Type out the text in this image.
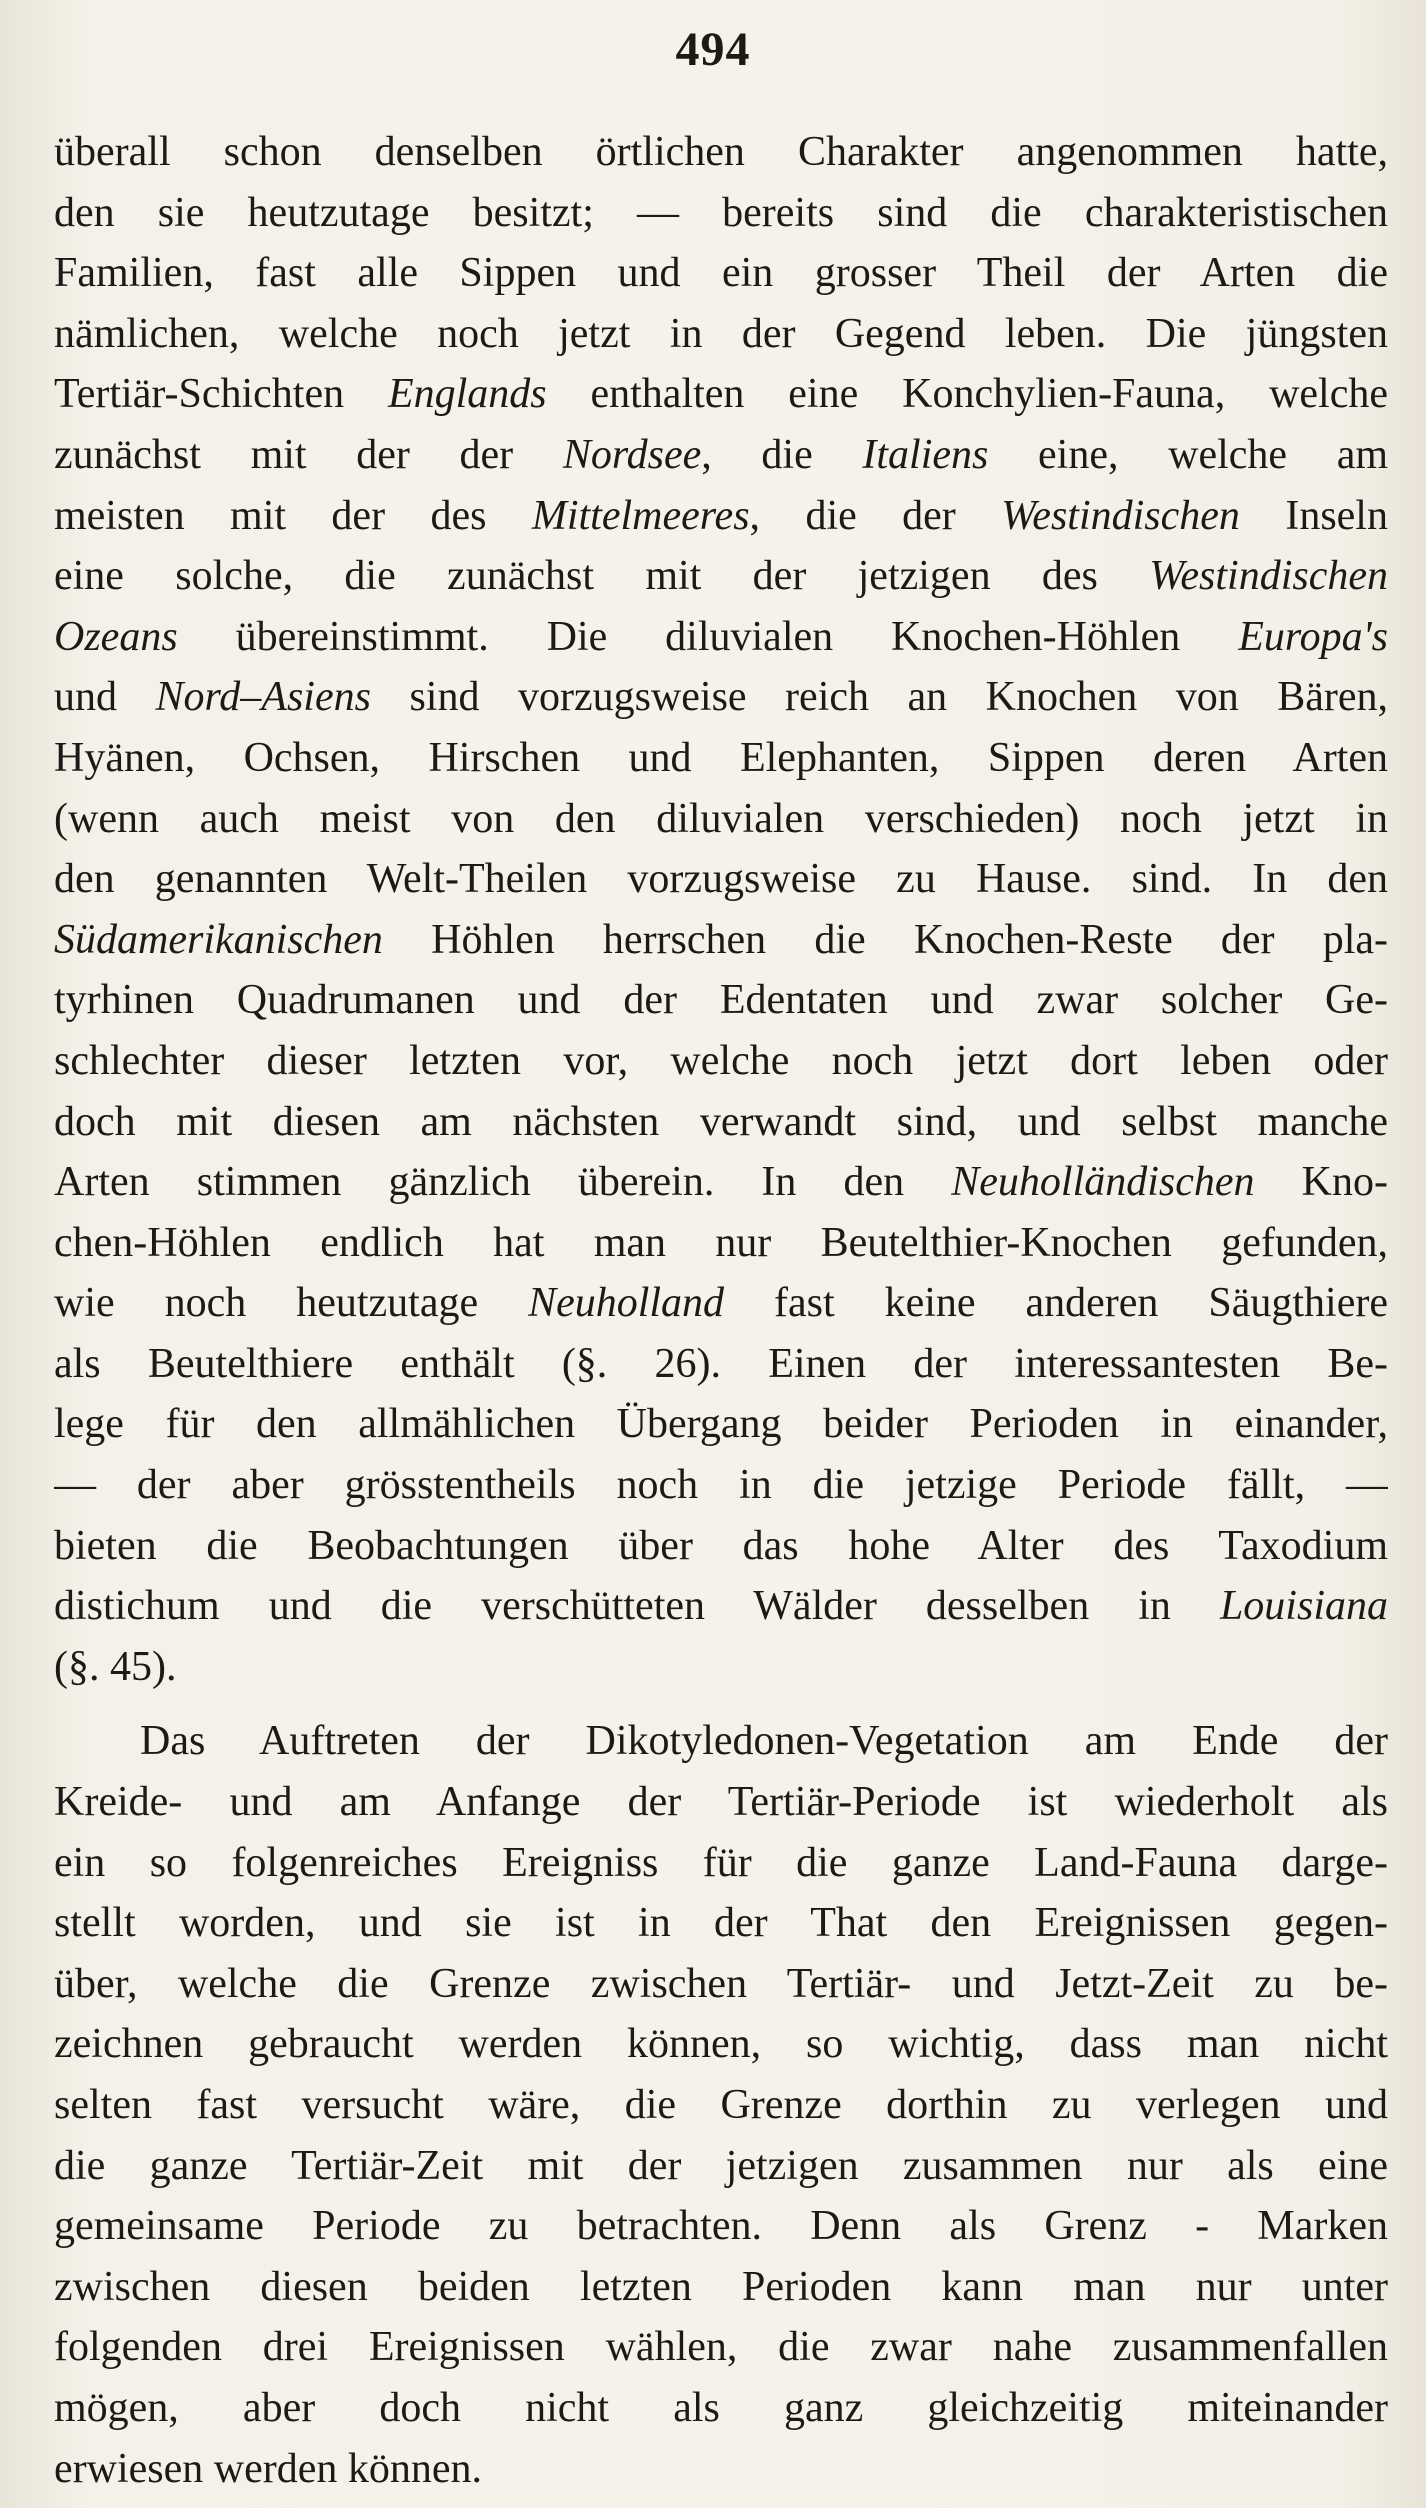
494
überall schon denselben örtlichen Charakter angenommen hatte,
den sie heutzutage besitzt; — bereits sind die charakteristischen
Familien, fast alle Sippen und ein grosser Theil der Arten die
nämlichen, welche noch jetzt in der Gegend leben. Die jüngsten
Tertiär-Schichten Englands enthalten eine Konchylien-Fauna, welche
zunächst mit der der Nordsee, die Italiens eine, welche am
meisten mit der des Mittelmeeres, die der Westindischen Inseln
eine solche, die zunächst mit der jetzigen des Westindischen
Ozeans übereinstimmt. Die diluvialen Knochen-Höhlen Europa's
und Nord–Asiens sind vorzugsweise reich an Knochen von Bären,
Hyänen, Ochsen, Hirschen und Elephanten, Sippen deren Arten
(wenn auch meist von den diluvialen verschieden) noch jetzt in
den genannten Welt-Theilen vorzugsweise zu Hause. sind. In den
Südamerikanischen Höhlen herrschen die Knochen-Reste der pla-
tyrhinen Quadrumanen und der Edentaten und zwar solcher Ge-
schlechter dieser letzten vor, welche noch jetzt dort leben oder
doch mit diesen am nächsten verwandt sind, und selbst manche
Arten stimmen gänzlich überein. In den Neuholländischen Kno-
chen-Höhlen endlich hat man nur Beutelthier-Knochen gefunden,
wie noch heutzutage Neuholland fast keine anderen Säugthiere
als Beutelthiere enthält (§. 26). Einen der interessantesten Be-
lege für den allmählichen Übergang beider Perioden in einander,
— der aber grösstentheils noch in die jetzige Periode fällt, —
bieten die Beobachtungen über das hohe Alter des Taxodium
distichum und die verschütteten Wälder desselben in Louisiana
(§. 45).
Das Auftreten der Dikotyledonen-Vegetation am Ende der
Kreide- und am Anfange der Tertiär-Periode ist wiederholt als
ein so folgenreiches Ereigniss für die ganze Land-Fauna darge-
stellt worden, und sie ist in der That den Ereignissen gegen-
über, welche die Grenze zwischen Tertiär- und Jetzt-Zeit zu be-
zeichnen gebraucht werden können, so wichtig, dass man nicht
selten fast versucht wäre, die Grenze dorthin zu verlegen und
die ganze Tertiär-Zeit mit der jetzigen zusammen nur als eine
gemeinsame Periode zu betrachten. Denn als Grenz - Marken
zwischen diesen beiden letzten Perioden kann man nur unter
folgenden drei Ereignissen wählen, die zwar nahe zusammenfallen
mögen, aber doch nicht als ganz gleichzeitig miteinander
erwiesen werden können.
